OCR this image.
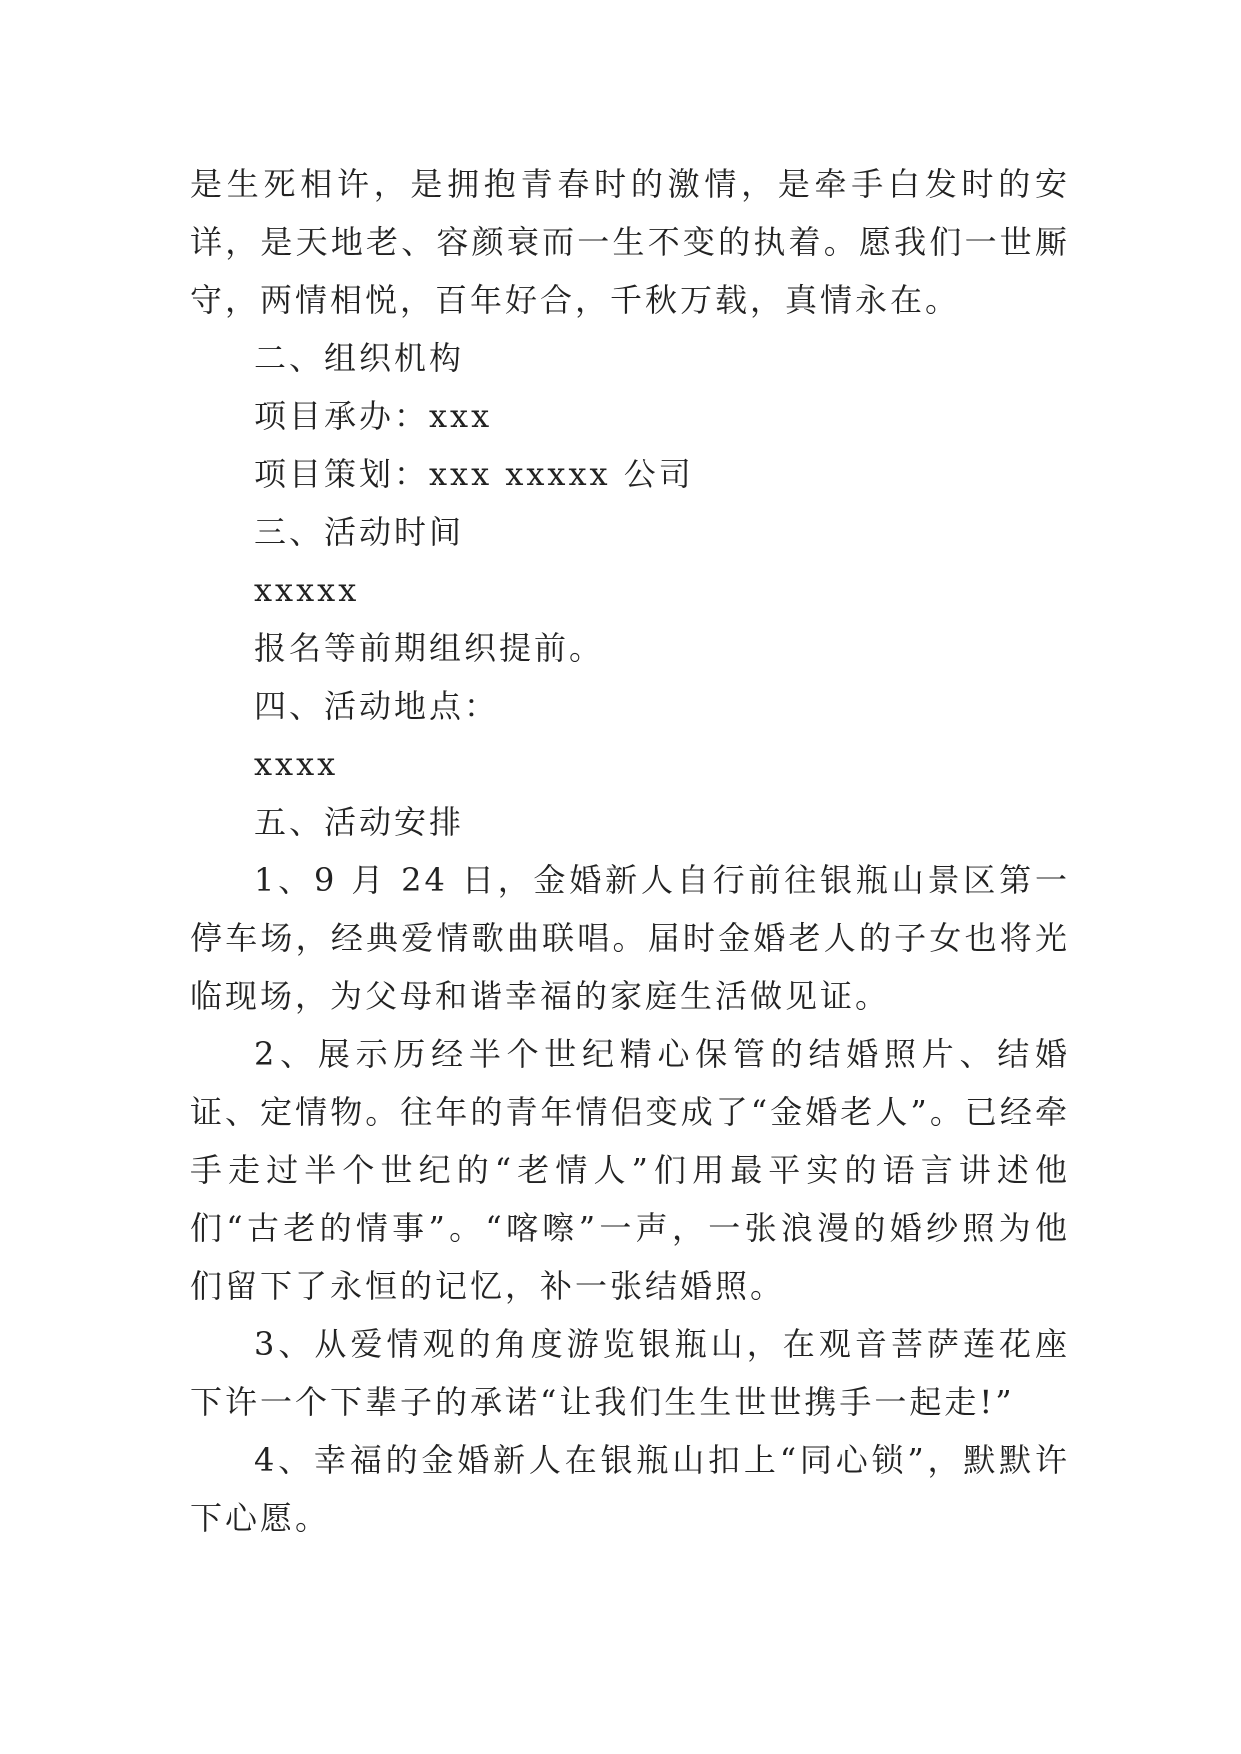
是生死相许，是拥抱青春时的激情，是牵手白发时的安详，是天地老、容颜衰而一生不变的执着。愿我们一世厮守，两情相悦，百年好合，千秋万载，真情永在。

二、组织机构

项目承办：xxx

项目策划：xxx xxxxx 公司

三、活动时间

xxxxx

报名等前期组织提前。

四、活动地点：

xxxx

五、活动安排

1、9 月 24 日，金婚新人自行前往银瓶山景区第一停车场，经典爱情歌曲联唱。届时金婚老人的子女也将光临现场，为父母和谐幸福的家庭生活做见证。

2、展示历经半个世纪精心保管的结婚照片、结婚证、定情物。往年的青年情侣变成了“金婚老人”。已经牵手走过半个世纪的“老情人”们用最平实的语言讲述他们“古老的情事”。“喀嚓”一声，一张浪漫的婚纱照为他们留下了永恒的记忆，补一张结婚照。

3、从爱情观的角度游览银瓶山，在观音菩萨莲花座下许一个下辈子的承诺“让我们生生世世携手一起走!”

4、幸福的金婚新人在银瓶山扣上“同心锁”，默默许下心愿。
